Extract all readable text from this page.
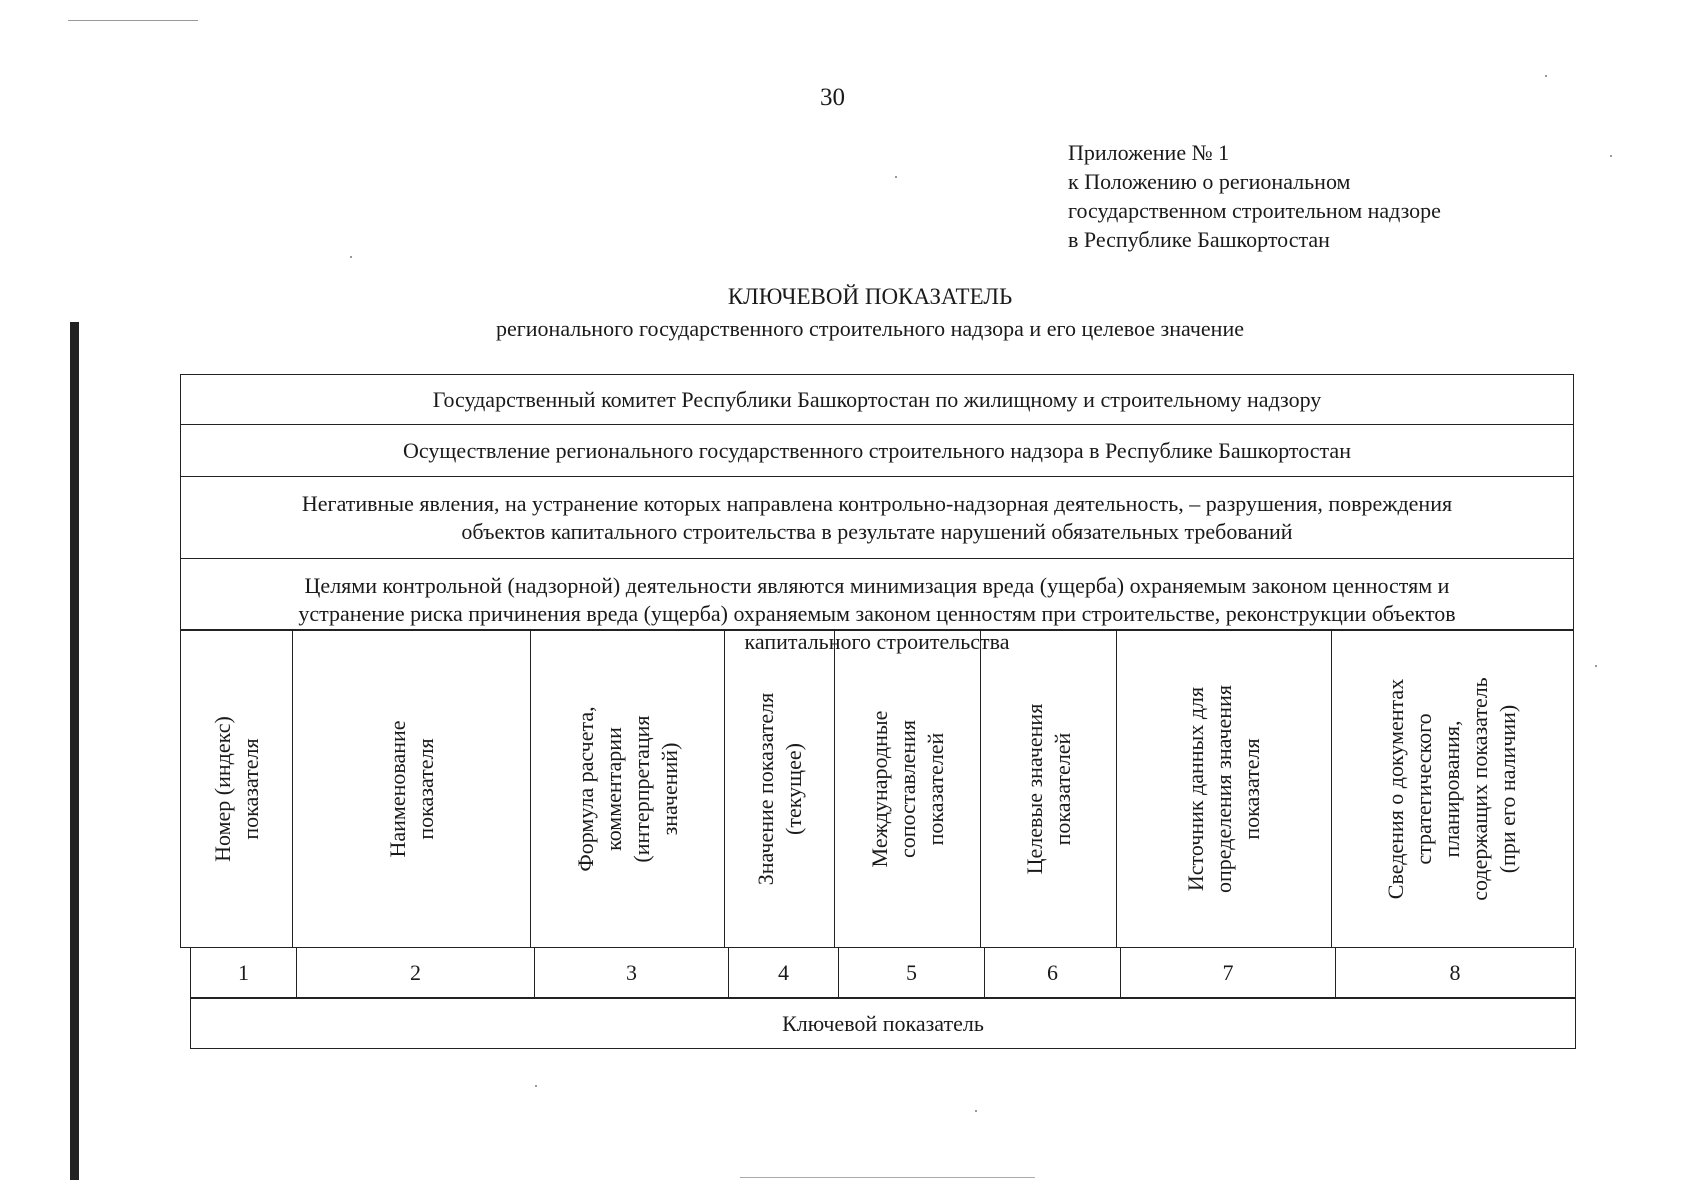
30
Приложение № 1
к Положению о региональном
государственном строительном надзоре
в Республике Башкортостан
КЛЮЧЕВОЙ ПОКАЗАТЕЛЬ
регионального государственного строительного надзора и его целевое значение
Государственный комитет Республики Башкортостан по жилищному и строительному надзору
Осуществление регионального государственного строительного надзора в Республике Башкортостан
Негативные явления, на устранение которых направлена контрольно-надзорная деятельность, – разрушения, повреждения
объектов капитального строительства в результате нарушений обязательных требований
Целями контрольной (надзорной) деятельности являются минимизация вреда (ущерба) охраняемым законом ценностям и
устранение риска причинения вреда (ущерба) охраняемым законом ценностям при строительстве, реконструкции объектов
капитального строительства
Номер (индекс) показателя	Наименование показателя	Формула расчета, комментарии (интерпретация значений)	Значение показателя (текущее)	Международные сопоставления показателей	Целевые значения показателей	Источник данных для определения значения показателя	Сведения о документах стратегического планирования, содержащих показатель (при его наличии)
1	2	3	4	5	6	7	8
Ключевой показатель
